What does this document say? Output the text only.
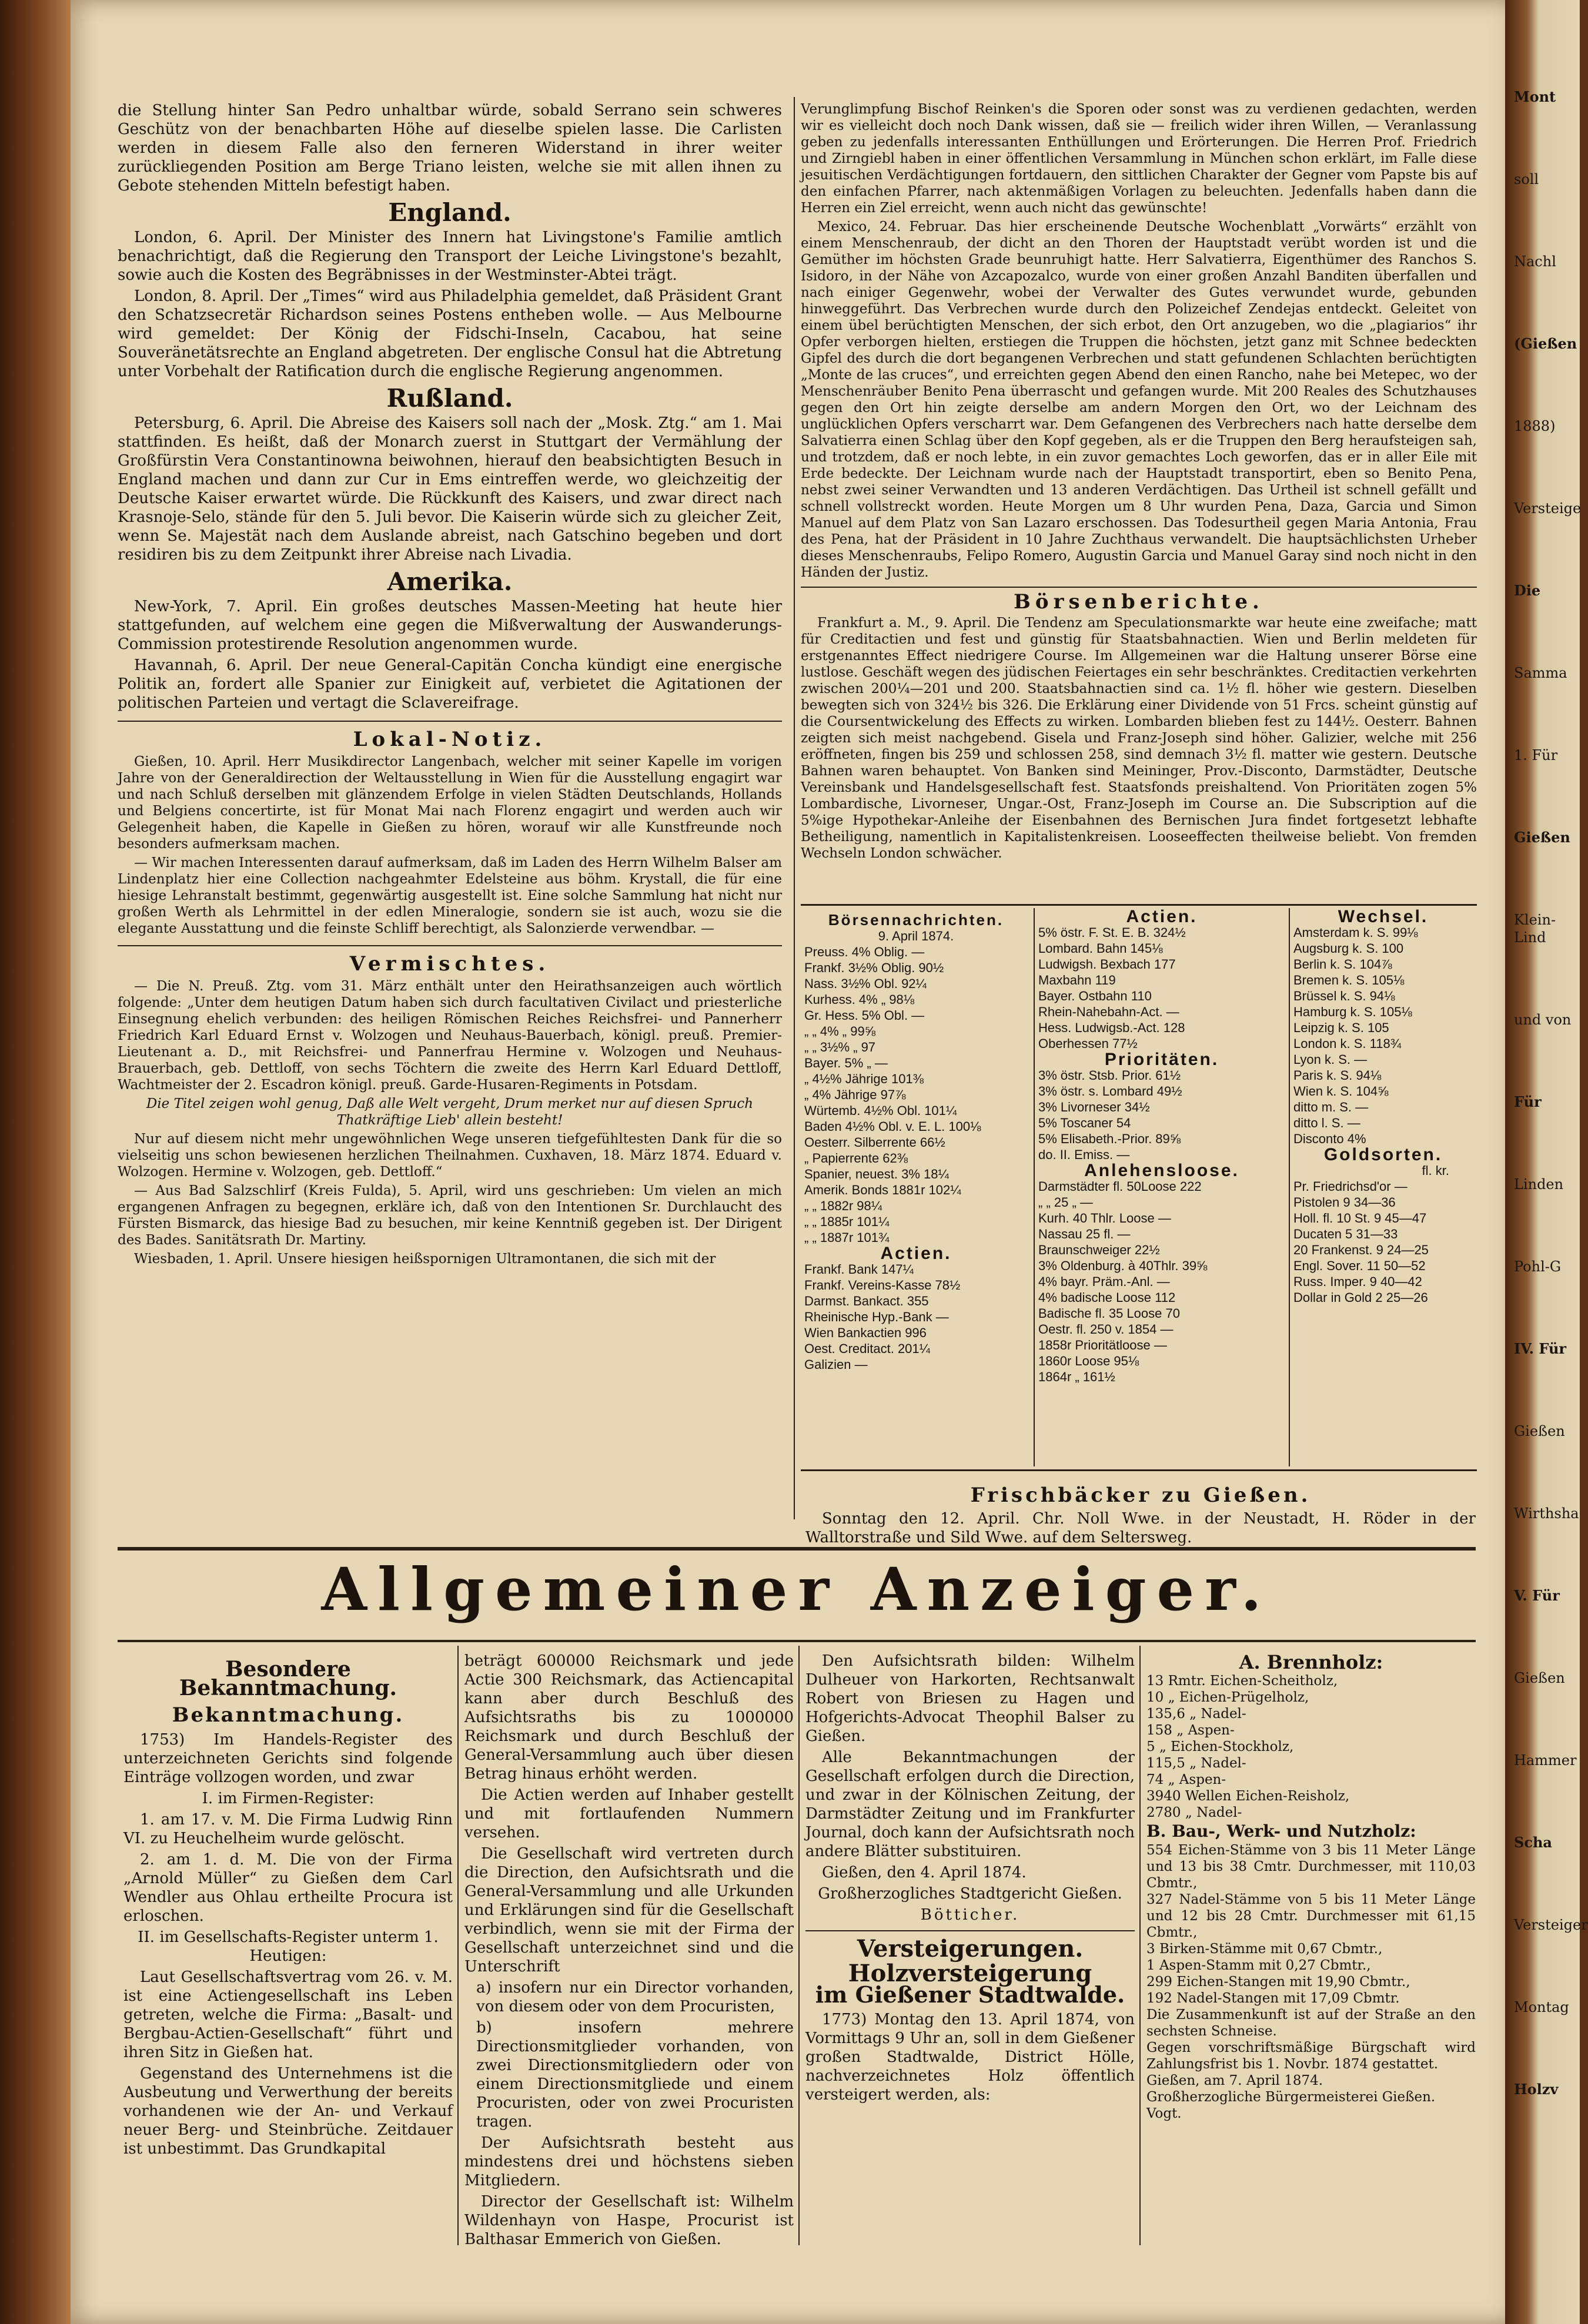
die Stellung hinter San Pedro unhaltbar würde, sobald Serrano sein schweres Geschütz von der benachbarten Höhe auf dieselbe spielen lasse. Die Carlisten werden in diesem Falle also den ferneren Widerstand in ihrer weiter zurückliegenden Position am Berge Triano leisten, welche sie mit allen ihnen zu Gebote stehenden Mitteln befestigt haben.

England.

London, 6. April. Der Minister des Innern hat Livingstone's Familie amtlich benachrichtigt, daß die Regierung den Transport der Leiche Livingstone's bezahlt, sowie auch die Kosten des Begräbnisses in der Westminster-Abtei trägt.

London, 8. April. Der „Times“ wird aus Philadelphia gemeldet, daß Präsident Grant den Schatzsecretär Richardson seines Postens entheben wolle. — Aus Melbourne wird gemeldet: Der König der Fidschi-Inseln, Cacabou, hat seine Souveränetätsrechte an England abgetreten. Der englische Consul hat die Abtretung unter Vorbehalt der Ratification durch die englische Regierung angenommen.

Rußland.

Petersburg, 6. April. Die Abreise des Kaisers soll nach der „Mosk. Ztg.“ am 1. Mai stattfinden. Es heißt, daß der Monarch zuerst in Stuttgart der Vermählung der Großfürstin Vera Constantinowna beiwohnen, hierauf den beabsichtigten Besuch in England machen und dann zur Cur in Ems eintreffen werde, wo gleichzeitig der Deutsche Kaiser erwartet würde. Die Rückkunft des Kaisers, und zwar direct nach Krasnoje-Selo, stände für den 5. Juli bevor. Die Kaiserin würde sich zu gleicher Zeit, wenn Se. Majestät nach dem Auslande abreist, nach Gatschino begeben und dort residiren bis zu dem Zeitpunkt ihrer Abreise nach Livadia.

Amerika.

New-York, 7. April. Ein großes deutsches Massen-Meeting hat heute hier stattgefunden, auf welchem eine gegen die Mißverwaltung der Auswanderungs-Commission protestirende Resolution angenommen wurde.

Havannah, 6. April. Der neue General-Capitän Concha kündigt eine energische Politik an, fordert alle Spanier zur Einigkeit auf, verbietet die Agitationen der politischen Parteien und vertagt die Sclavereifrage.

Lokal-Notiz.

Gießen, 10. April. Herr Musikdirector Langenbach, welcher mit seiner Kapelle im vorigen Jahre von der Generaldirection der Weltausstellung in Wien für die Ausstellung engagirt war und nach Schluß derselben mit glänzendem Erfolge in vielen Städten Deutschlands, Hollands und Belgiens concertirte, ist für Monat Mai nach Florenz engagirt und werden auch wir Gelegenheit haben, die Kapelle in Gießen zu hören, worauf wir alle Kunstfreunde noch besonders aufmerksam machen.

— Wir machen Interessenten darauf aufmerksam, daß im Laden des Herrn Wilhelm Balser am Lindenplatz hier eine Collection nachgeahmter Edelsteine aus böhm. Krystall, die für eine hiesige Lehranstalt bestimmt, gegenwärtig ausgestellt ist. Eine solche Sammlung hat nicht nur großen Werth als Lehrmittel in der edlen Mineralogie, sondern sie ist auch, wozu sie die elegante Ausstattung und die feinste Schliff berechtigt, als Salonzierde verwendbar. —

Vermischtes.

— Die N. Preuß. Ztg. vom 31. März enthält unter den Heirathsanzeigen auch wörtlich folgende: „Unter dem heutigen Datum haben sich durch facultativen Civilact und priesterliche Einsegnung ehelich verbunden: des heiligen Römischen Reiches Reichsfrei- und Pannerherr Friedrich Karl Eduard Ernst v. Wolzogen und Neuhaus-Bauerbach, königl. preuß. Premier-Lieutenant a. D., mit Reichsfrei- und Pannerfrau Hermine v. Wolzogen und Neuhaus-Brauerbach, geb. Dettloff, von sechs Töchtern die zweite des Herrn Karl Eduard Dettloff, Wachtmeister der 2. Escadron königl. preuß. Garde-Husaren-Regiments in Potsdam.

Die Titel zeigen wohl genug, Daß alle Welt vergeht, Drum merket nur auf diesen Spruch Thatkräftige Lieb' allein besteht!

Nur auf diesem nicht mehr ungewöhnlichen Wege unseren tiefgefühltesten Dank für die so vielseitig uns schon bewiesenen herzlichen Theilnahmen. Cuxhaven, 18. März 1874. Eduard v. Wolzogen. Hermine v. Wolzogen, geb. Dettloff.“

— Aus Bad Salzschlirf (Kreis Fulda), 5. April, wird uns geschrieben: Um vielen an mich ergangenen Anfragen zu begegnen, erkläre ich, daß von den Intentionen Sr. Durchlaucht des Fürsten Bismarck, das hiesige Bad zu besuchen, mir keine Kenntniß gegeben ist. Der Dirigent des Bades. Sanitätsrath Dr. Martiny.

Wiesbaden, 1. April. Unsere hiesigen heißspornigen Ultramontanen, die sich mit der

Verunglimpfung Bischof Reinken's die Sporen oder sonst was zu verdienen gedachten, werden wir es vielleicht doch noch Dank wissen, daß sie — freilich wider ihren Willen, — Veranlassung geben zu jedenfalls interessanten Enthüllungen und Erörterungen. Die Herren Prof. Friedrich und Zirngiebl haben in einer öffentlichen Versammlung in München schon erklärt, im Falle diese jesuitischen Verdächtigungen fortdauern, den sittlichen Charakter der Gegner vom Papste bis auf den einfachen Pfarrer, nach aktenmäßigen Vorlagen zu beleuchten. Jedenfalls haben dann die Herren ein Ziel erreicht, wenn auch nicht das gewünschte!

Mexico, 24. Februar. Das hier erscheinende Deutsche Wochenblatt „Vorwärts“ erzählt von einem Menschenraub, der dicht an den Thoren der Hauptstadt verübt worden ist und die Gemüther im höchsten Grade beunruhigt hatte. Herr Salvatierra, Eigenthümer des Ranchos S. Isidoro, in der Nähe von Azcapozalco, wurde von einer großen Anzahl Banditen überfallen und nach einiger Gegenwehr, wobei der Verwalter des Gutes verwundet wurde, gebunden hinweggeführt. Das Verbrechen wurde durch den Polizeichef Zendejas entdeckt. Geleitet von einem übel berüchtigten Menschen, der sich erbot, den Ort anzugeben, wo die „plagiarios“ ihr Opfer verborgen hielten, erstiegen die Truppen die höchsten, jetzt ganz mit Schnee bedeckten Gipfel des durch die dort begangenen Verbrechen und statt gefundenen Schlachten berüchtigten „Monte de las cruces“, und erreichten gegen Abend den einen Rancho, nahe bei Metepec, wo der Menschenräuber Benito Pena überrascht und gefangen wurde. Mit 200 Reales des Schutzhauses gegen den Ort hin zeigte derselbe am andern Morgen den Ort, wo der Leichnam des unglücklichen Opfers verscharrt war. Dem Gefangenen des Verbrechers nach hatte derselbe dem Salvatierra einen Schlag über den Kopf gegeben, als er die Truppen den Berg heraufsteigen sah, und trotzdem, daß er noch lebte, in ein zuvor gemachtes Loch geworfen, das er in aller Eile mit Erde bedeckte. Der Leichnam wurde nach der Hauptstadt transportirt, eben so Benito Pena, nebst zwei seiner Verwandten und 13 anderen Verdächtigen. Das Urtheil ist schnell gefällt und schnell vollstreckt worden. Heute Morgen um 8 Uhr wurden Pena, Daza, Garcia und Simon Manuel auf dem Platz von San Lazaro erschossen. Das Todesurtheil gegen Maria Antonia, Frau des Pena, hat der Präsident in 10 Jahre Zuchthaus verwandelt. Die hauptsächlichsten Urheber dieses Menschenraubs, Felipo Romero, Augustin Garcia und Manuel Garay sind noch nicht in den Händen der Justiz.

Börsenberichte.

Frankfurt a. M., 9. April. Die Tendenz am Speculationsmarkte war heute eine zweifache; matt für Creditactien und fest und günstig für Staatsbahnactien. Wien und Berlin meldeten für erstgenanntes Effect niedrigere Course. Im Allgemeinen war die Haltung unserer Börse eine lustlose. Geschäft wegen des jüdischen Feiertages ein sehr beschränktes. Creditactien verkehrten zwischen 200¼—201 und 200. Staatsbahnactien sind ca. 1½ fl. höher wie gestern. Dieselben bewegten sich von 324½ bis 326. Die Erklärung einer Dividende von 51 Frcs. scheint günstig auf die Coursentwickelung des Effects zu wirken. Lombarden blieben fest zu 144½. Oesterr. Bahnen zeigten sich meist nachgebend. Gisela und Franz-Joseph sind höher. Galizier, welche mit 256 eröffneten, fingen bis 259 und schlossen 258, sind demnach 3½ fl. matter wie gestern. Deutsche Bahnen waren behauptet. Von Banken sind Meininger, Prov.-Disconto, Darmstädter, Deutsche Vereinsbank und Handelsgesellschaft fest. Staatsfonds preishaltend. Von Prioritäten zogen 5% Lombardische, Livorneser, Ungar.-Ost, Franz-Joseph im Course an. Die Subscription auf die 5%ige Hypothekar-Anleihe der Eisenbahnen des Bernischen Jura findet fortgesetzt lebhafte Betheiligung, namentlich in Kapitalistenkreisen. Looseeffecten theilweise beliebt. Von fremden Wechseln London schwächer.

Börsennachrichten.
9. April 1874.
Preuss. 4% Oblig. —
Frankf. 3½% Oblig. 90½
Nass. 3½% Obl. 92¼
Kurhess. 4% „ 98⅛
Gr. Hess. 5% Obl. —
„ „ 4% „ 99⅝
„ „ 3½% „ 97
Bayer. 5% „ —
„ 4½% Jährige 101⅜
„ 4% Jährige 97⅞
Würtemb. 4½% Obl. 101¼
Baden 4½% Obl. v. E. L. 100⅛
Oesterr. Silberrente 66½
„ Papierrente 62⅜
Spanier, neuest. 3% 18¼
Amerik. Bonds 1881r 102¼
„ „ 1882r 98¼
„ „ 1885r 101¼
„ „ 1887r 101¾
Actien.
Frankf. Bank 147¼
Frankf. Vereins-Kasse 78½
Darmst. Bankact. 355
Rheinische Hyp.-Bank —
Wien Bankactien 996
Oest. Creditact. 201¼
Galizien —
Actien.
5% östr. F. St. E. B. 324½
Lombard. Bahn 145⅛
Ludwigsh. Bexbach 177
Maxbahn 119
Bayer. Ostbahn 110
Rhein-Nahebahn-Act. —
Hess. Ludwigsb.-Act. 128
Oberhessen 77½
Prioritäten.
3% östr. Stsb. Prior. 61½
3% östr. s. Lombard 49½
3% Livorneser 34½
5% Toscaner 54
5% Elisabeth.-Prior. 89⅝
do. II. Emiss. —
Anlehensloose.
Darmstädter fl. 50Loose 222
„ „ 25 „ —
Kurh. 40 Thlr. Loose —
Nassau 25 fl. —
Braunschweiger 22½
3% Oldenburg. à 40Thlr. 39⅝
4% bayr. Präm.-Anl. —
4% badische Loose 112
Badische fl. 35 Loose 70
Oestr. fl. 250 v. 1854 —
1858r Prioritätloose —
1860r Loose 95⅛
1864r „ 161½
Wechsel.
Amsterdam k. S. 99⅛
Augsburg k. S. 100
Berlin k. S. 104⅞
Bremen k. S. 105⅛
Brüssel k. S. 94⅛
Hamburg k. S. 105⅛
Leipzig k. S. 105
London k. S. 118¾
Lyon k. S. —
Paris k. S. 94⅛
Wien k. S. 104⅝
ditto m. S. —
ditto l. S. —
Disconto 4%
Goldsorten.
fl. kr.
Pr. Friedrichsd'or —
Pistolen 9 34—36
Holl. fl. 10 St. 9 45—47
Ducaten 5 31—33
20 Frankenst. 9 24—25
Engl. Sover. 11 50—52
Russ. Imper. 9 40—42
Dollar in Gold 2 25—26
Frischbäcker zu Gießen.

Sonntag den 12. April. Chr. Noll Wwe. in der Neustadt, H. Röder in der Walltorstraße und Sild Wwe. auf dem Seltersweg.

Allgemeiner Anzeiger.
Besondere Bekanntmachung.
Bekanntmachung.

1753) Im Handels-Register des unterzeichneten Gerichts sind folgende Einträge vollzogen worden, und zwar

I. im Firmen-Register:

1. am 17. v. M. Die Firma Ludwig Rinn VI. zu Heuchelheim wurde gelöscht.

2. am 1. d. M. Die von der Firma „Arnold Müller“ zu Gießen dem Carl Wendler aus Ohlau ertheilte Procura ist erloschen.

II. im Gesellschafts-Register unterm 1. Heutigen:

Laut Gesellschaftsvertrag vom 26. v. M. ist eine Actiengesellschaft ins Leben getreten, welche die Firma: „Basalt- und Bergbau-Actien-Gesellschaft“ führt und ihren Sitz in Gießen hat.

Gegenstand des Unternehmens ist die Ausbeutung und Verwerthung der bereits vorhandenen wie der An- und Verkauf neuer Berg- und Steinbrüche. Zeitdauer ist unbestimmt. Das Grundkapital

beträgt 600000 Reichsmark und jede Actie 300 Reichsmark, das Actiencapital kann aber durch Beschluß des Aufsichtsraths bis zu 1000000 Reichsmark und durch Beschluß der General-Versammlung auch über diesen Betrag hinaus erhöht werden.

Die Actien werden auf Inhaber gestellt und mit fortlaufenden Nummern versehen.

Die Gesellschaft wird vertreten durch die Direction, den Aufsichtsrath und die General-Versammlung und alle Urkunden und Erklärungen sind für die Gesellschaft verbindlich, wenn sie mit der Firma der Gesellschaft unterzeichnet sind und die Unterschrift

a) insofern nur ein Director vorhanden, von diesem oder von dem Procuristen,

b) insofern mehrere Directionsmitglieder vorhanden, von zwei Directionsmitgliedern oder von einem Directionsmitgliede und einem Procuristen, oder von zwei Procuristen tragen.

Der Aufsichtsrath besteht aus mindestens drei und höchstens sieben Mitgliedern.

Director der Gesellschaft ist: Wilhelm Wildenhayn von Haspe, Procurist ist Balthasar Emmerich von Gießen.

Den Aufsichtsrath bilden: Wilhelm Dulheuer von Harkorten, Rechtsanwalt Robert von Briesen zu Hagen und Hofgerichts-Advocat Theophil Balser zu Gießen.

Alle Bekanntmachungen der Gesellschaft erfolgen durch die Direction, und zwar in der Kölnischen Zeitung, der Darmstädter Zeitung und im Frankfurter Journal, doch kann der Aufsichtsrath noch andere Blätter substituiren.

Gießen, den 4. April 1874.

Großherzogliches Stadtgericht Gießen.

Bötticher.

Versteigerungen.
Holzversteigerung
im Gießener Stadtwalde.

1773) Montag den 13. April 1874, von Vormittags 9 Uhr an, soll in dem Gießener großen Stadtwalde, District Hölle, nachverzeichnetes Holz öffentlich versteigert werden, als:

A. Brennholz:
13 Rmtr. Eichen-Scheitholz,
10 „ Eichen-Prügelholz,
135,6 „ Nadel-
158 „ Aspen-
5 „ Eichen-Stockholz,
115,5 „ Nadel-
74 „ Aspen-
3940 Wellen Eichen-Reisholz,
2780 „ Nadel-
B. Bau-, Werk- und Nutzholz:
554 Eichen-Stämme von 3 bis 11 Meter Länge und 13 bis 38 Cmtr. Durchmesser, mit 110,03 Cbmtr.,
327 Nadel-Stämme von 5 bis 11 Meter Länge und 12 bis 28 Cmtr. Durchmesser mit 61,15 Cbmtr.,
3 Birken-Stämme mit 0,67 Cbmtr.,
1 Aspen-Stamm mit 0,27 Cbmtr.,
299 Eichen-Stangen mit 19,90 Cbmtr.,
192 Nadel-Stangen mit 17,09 Cbmtr.
Die Zusammenkunft ist auf der Straße an den sechsten Schneise.
Gegen vorschriftsmäßige Bürgschaft wird Zahlungsfrist bis 1. Novbr. 1874 gestattet.
Gießen, am 7. April 1874.
Großherzogliche Bürgermeisterei Gießen.
Vogt.
Mont
soll
Nachl
(Gießen
1888)
Versteige
Die
Samma
1. Für
Gießen
Klein-Lind
und von
Für
Linden
Pohl-G
IV. Für
Gießen
Wirthsha
V. Für
Gießen
Hammer
Scha
Versteiger
Montag
Holzv
